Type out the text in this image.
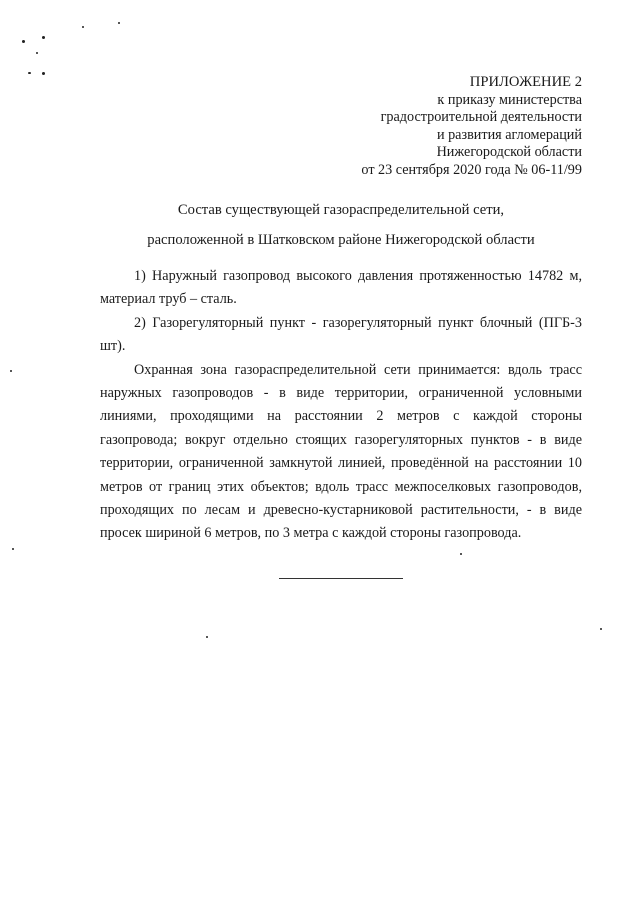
ПРИЛОЖЕНИЕ 2
к приказу министерства
градостроительной деятельности
и развития агломераций
Нижегородской области
от 23 сентября 2020 года № 06-11/99
Состав существующей газораспределительной сети,
расположенной в Шатковском районе Нижегородской области

1) Наружный газопровод высокого давления протяженностью 14782 м, материал труб – сталь.

2) Газорегуляторный пункт - газорегуляторный пункт блочный (ПГБ-3 шт).

Охранная зона газораспределительной сети принимается: вдоль трасс наружных газопроводов - в виде территории, ограниченной условными линиями, проходящими на расстоянии 2 метров с каждой стороны газопровода; вокруг отдельно стоящих газорегуляторных пунктов - в виде территории, ограниченной замкнутой линией, проведённой на расстоянии 10 метров от границ этих объектов; вдоль трасс межпоселковых газопроводов, проходящих по лесам и древесно-кустарниковой растительности, - в виде просек шириной 6 метров, по 3 метра с каждой стороны газопровода.
